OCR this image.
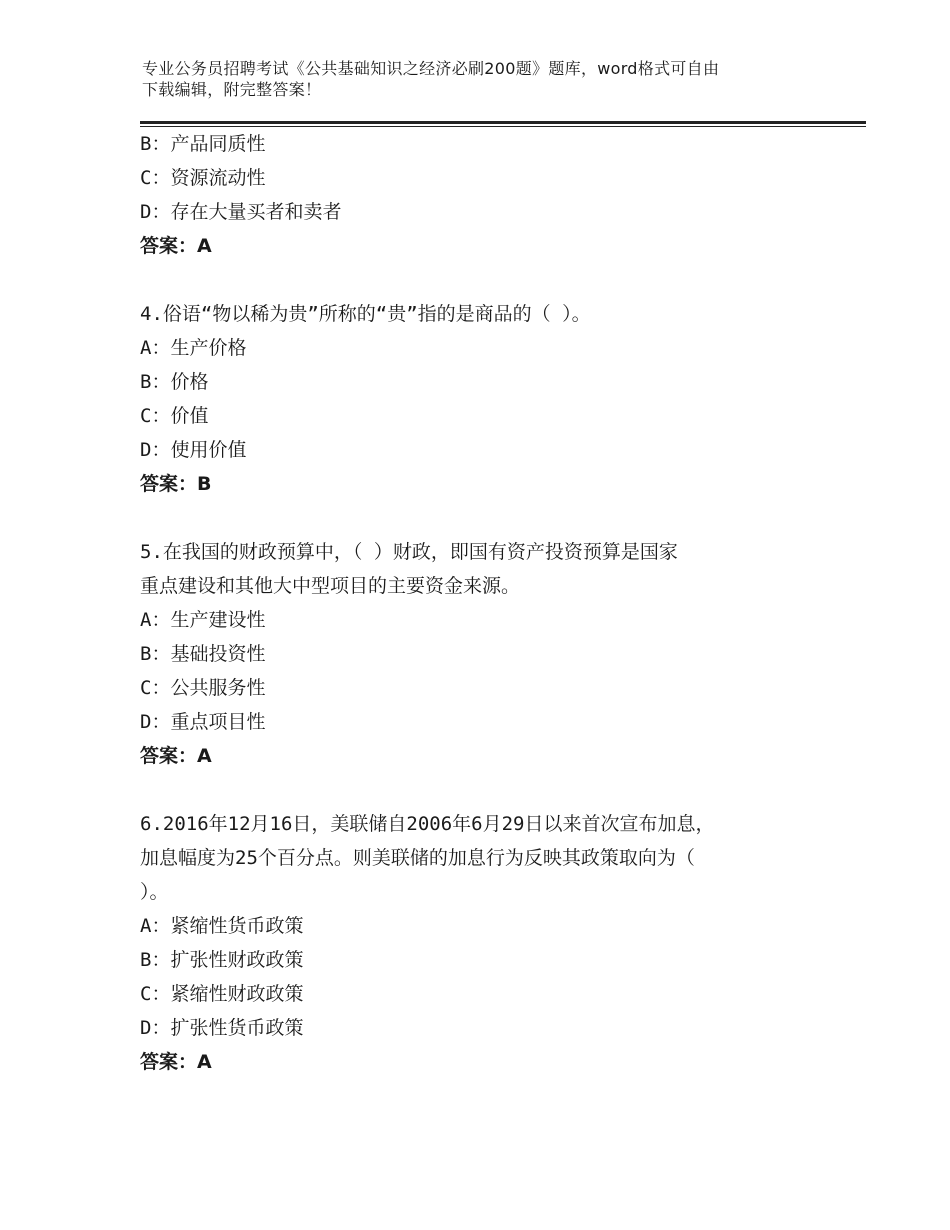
专业公务员招聘考试《公共基础知识之经济必刷200题》题库，word格式可自由
下载编辑，附完整答案！
B：产品同质性
C：资源流动性
D：存在大量买者和卖者
答案：A
4.俗语“物以稀为贵”所称的“贵”指的是商品的（ ）。
A：生产价格
B：价格
C：价值
D：使用价值
答案：B
5.在我国的财政预算中，（ ）财政，即国有资产投资预算是国家
重点建设和其他大中型项目的主要资金来源。
A：生产建设性
B：基础投资性
C：公共服务性
D：重点项目性
答案：A
6.2016年12月16日，美联储自2006年6月29日以来首次宣布加息，
加息幅度为25个百分点。则美联储的加息行为反映其政策取向为（
）。
A：紧缩性货币政策
B：扩张性财政政策
C：紧缩性财政政策
D：扩张性货币政策
答案：A
